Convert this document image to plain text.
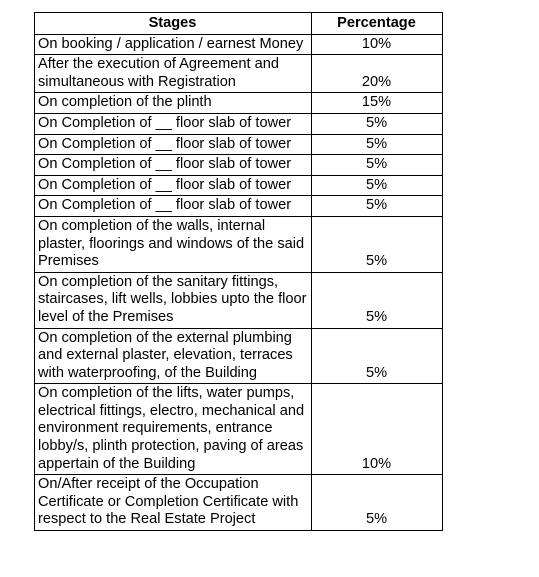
Stages	Percentage

On booking / application / earnest Money	10%

After the execution of Agreement and
simultaneous with Registration	20%

On completion of the plinth	15%

On Completion of __ floor slab of tower	5%

On Completion of __ floor slab of tower	5%

On Completion of __ floor slab of tower	5%

On Completion of __ floor slab of tower	5%

On Completion of __ floor slab of tower	5%

On completion of the walls, internal
plaster, floorings and windows of the said
Premises	5%

On completion of the sanitary fittings,
staircases, lift wells, lobbies upto the floor
level of the Premises	5%

On completion of the external plumbing
and external plaster, elevation, terraces
with waterproofing, of the Building	5%

On completion of the lifts, water pumps,
electrical fittings, electro, mechanical and
environment requirements, entrance
lobby/s, plinth protection, paving of areas
appertain of the Building	10%

On/After receipt of the Occupation
Certificate or Completion Certificate with
respect to the Real Estate Project	5%
